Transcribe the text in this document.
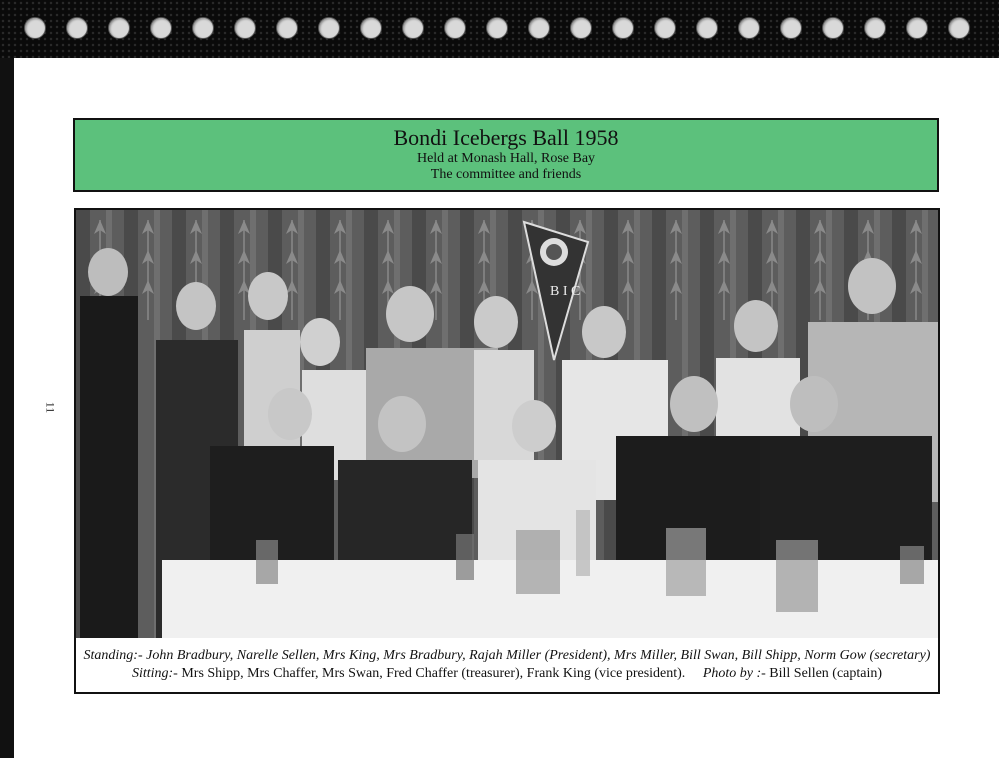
11
Bondi Icebergs Ball 1958
Held at Monash Hall, Rose Bay
The committee and friends
B I C
Standing:- John Bradbury, Narelle Sellen, Mrs King, Mrs Bradbury, Rajah Miller (President), Mrs Miller, Bill Swan, Bill Shipp, Norm Gow (secretary)
Sitting:- Mrs Shipp, Mrs Chaffer, Mrs Swan, Fred Chaffer (treasurer), Frank King (vice president). Photo by :- Bill Sellen (captain)
